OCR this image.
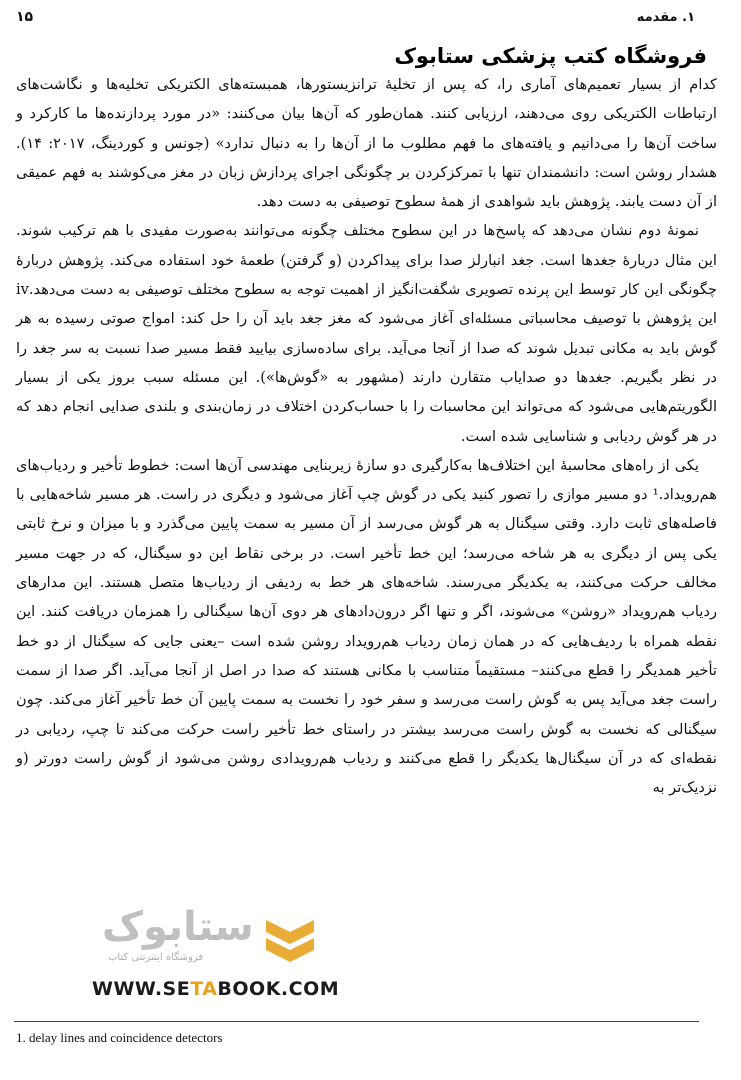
۱. مقدمه
۱۵
فروشگاه کتب پزشکی ستابوک

کدام از بسیار تعمیم‌های آماری را، که پس از تخلیهٔ ترانزیستورها، همبسته‌های الکتریکی تخلیه‌ها و نگاشت‌های ارتباطات الکتریکی روی می‌دهند، ارزیابی کنند. همان‌طور که آن‌ها بیان می‌کنند: «در مورد پردازنده‌ها ما کارکرد و ساخت آن‌ها را می‌دانیم و یافته‌های ما فهم مطلوب ما از آن‌ها را به دنبال ندارد» (جونس و کوردینگ، ۲۰۱۷: ۱۴). هشدار روشن است: دانشمندان تنها با تمرکزکردن بر چگونگی اجرای پردازش زبان در مغز می‌کوشند به فهم عمیقی از آن دست یابند. پژوهش باید شواهدی از همهٔ سطوح توصیفی به دست دهد.

نمونهٔ دوم نشان می‌دهد که پاسخ‌ها در این سطوح مختلف چگونه می‌توانند به‌صورت مفیدی با هم ترکیب شوند. این مثال دربارهٔ جغدها است. جغد انبارلز صدا برای پیداکردن (و گرفتن) طعمهٔ خود استفاده می‌کند. پژوهش دربارهٔ چگونگی این کار توسط این پرنده تصویری شگفت‌انگیز از اهمیت توجه به سطوح مختلف توصیفی به دست می‌دهد.iv این پژوهش با توصیف محاسباتی مسئله‌ای آغاز می‌شود که مغز جغد باید آن را حل کند: امواج صوتی رسیده به هر گوش باید به مکانی تبدیل شوند که صدا از آنجا می‌آید. برای ساده‌سازی بیایید فقط مسیر صدا نسبت به سر جغد را در نظر بگیریم. جغدها دو صدایاب متقارن دارند (مشهور به «گوش‌ها»). این مسئله سبب بروز یکی از بسیار الگوریتم‌هایی می‌شود که می‌تواند این محاسبات را با حساب‌کردن اختلاف در زمان‌بندی و بلندی صدایی انجام دهد که در هر گوش ردیابی و شناسایی شده است.

یکی از راه‌های محاسبهٔ این اختلاف‌ها به‌کارگیری دو سازهٔ زیربنایی مهندسی آن‌ها است: خطوط تأخیر و ردیاب‌های هم‌رویداد.¹ دو مسیر موازی را تصور کنید یکی در گوش چپ آغاز می‌شود و دیگری در راست. هر مسیر شاخه‌هایی با فاصله‌های ثابت دارد. وقتی سیگنال به هر گوش می‌رسد از آن مسیر به سمت پایین می‌گذرد و با میزان و نرخ ثابتی یکی پس از دیگری به هر شاخه می‌رسد؛ این خط تأخیر است. در برخی نقاط این دو سیگنال، که در جهت مسیر مخالف حرکت می‌کنند، به یکدیگر می‌رسند. شاخه‌های هر خط به ردیفی از ردیاب‌ها متصل هستند. این مدارهای ردیاب هم‌رویداد «روشن» می‌شوند، اگر و تنها اگر درون‌دادهای هر دوی آن‌ها سیگنالی را همزمان دریافت کنند. این نقطه همراه با ردیف‌هایی که در همان زمان ردیاب هم‌رویداد روشن شده است –یعنی جایی که سیگنال از دو خط تأخیر همدیگر را قطع می‌کنند– مستقیماً متناسب با مکانی هستند که صدا در اصل از آنجا می‌آید. اگر صدا از سمت راست جغد می‌آید پس به گوش راست می‌رسد و سفر خود را نخست به سمت پایین آن خط تأخیر آغاز می‌کند. چون سیگنالی که نخست به گوش راست می‌رسد بیشتر در راستای خط تأخیر راست حرکت می‌کند تا چپ، ردیابی در نقطه‌ای که در آن سیگنال‌ها یکدیگر را قطع می‌کنند و ردیاب هم‌رویدادی روشن می‌شود از گوش راست دورتر (و نزدیک‌تر به

ستابوک
فروشگاه اینترنتی کتاب
WWW.SETABOOK.COM
1. delay lines and coincidence detectors
